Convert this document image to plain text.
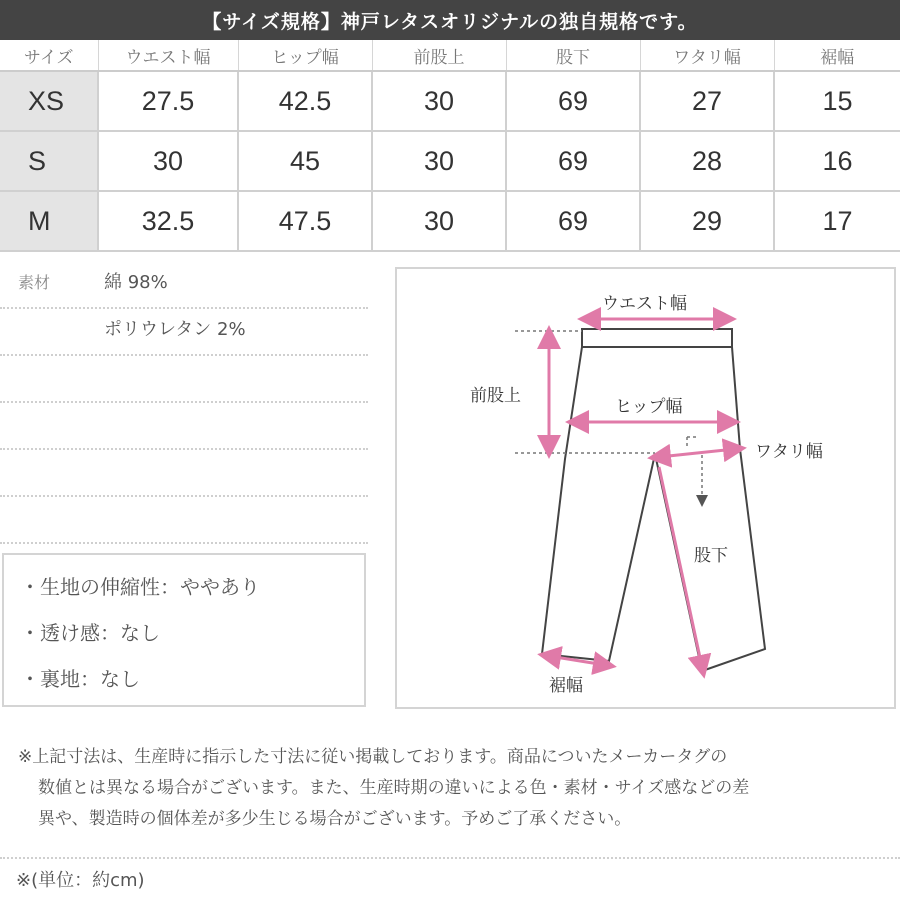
【サイズ規格】神戸レタスオリジナルの独自規格です。
サイズ	ウエスト幅	ヒップ幅	前股上	股下	ワタリ幅	裾幅
XS	27.5	42.5	30	69	27	15
S	30	45	30	69	28	16
M	32.5	47.5	30	69	29	17
素材	綿 98%
ポリウレタン 2%
・生地の伸縮性：ややあり
・透け感：なし
・裏地：なし
ウエスト幅
前股上
ヒップ幅
ワタリ幅
股下
裾幅

※上記寸法は、生産時に指示した寸法に従い掲載しております。商品についたメーカータグの

数値とは異なる場合がございます。また、生産時期の違いによる色・素材・サイズ感などの差

異や、製造時の個体差が多少生じる場合がございます。予めご了承ください。

※(単位：約cm)
